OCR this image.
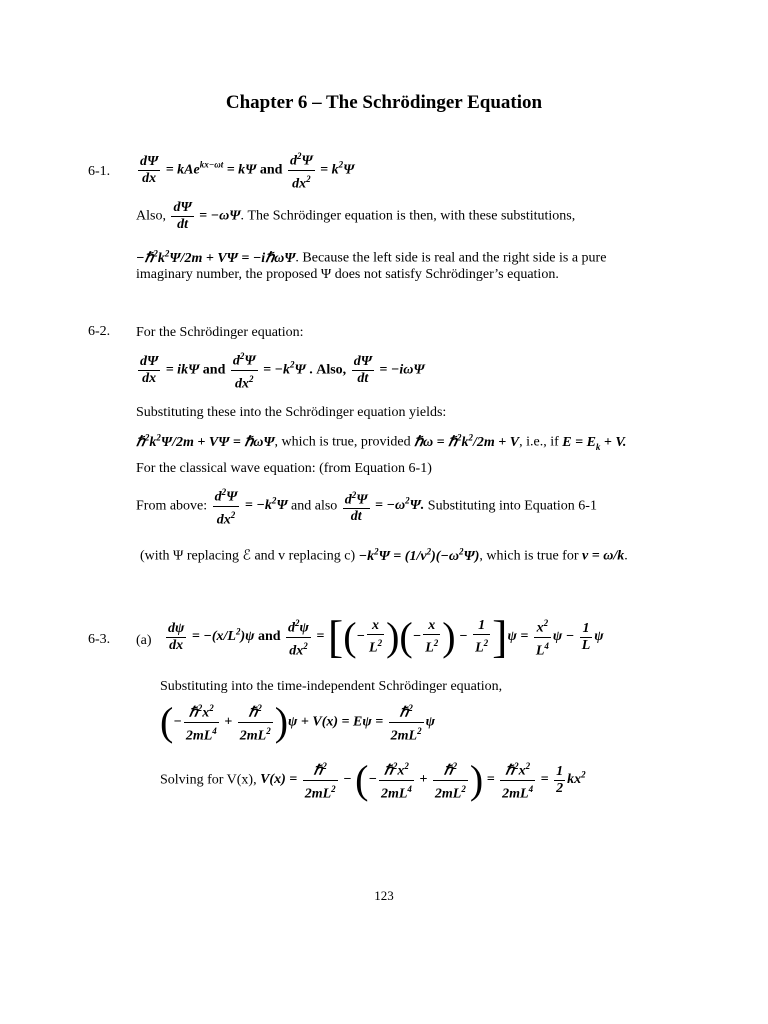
Chapter 6 – The Schrödinger Equation
6-1. $\frac{d\Psi}{dx} = kAe^{kx-\omega t} = k\Psi$ and $\frac{d^2\Psi}{dx^2} = k^2\Psi$
Also, $\frac{d\Psi}{dt} = -\omega\Psi$. The Schrödinger equation is then, with these substitutions,
$-\hbar^2k^2\Psi/2m + V\Psi$ = −iℏωΨ. Because the left side is real and the right side is a pure
imaginary number, the proposed Ψ does not satisfy Schrödinger’s equation.
6-2. For the Schrödinger equation:
$\frac{d\Psi}{dx} = ik\Psi$ and $\frac{d^2\Psi}{dx^2} = -k^2\Psi$ . Also, $\frac{d\Psi}{dt} = -i\omega\Psi$
Substituting these into the Schrödinger equation yields:
$\hbar^2k^2\Psi/2m + V\Psi$ = ℏωΨ, which is true, provided ℏω = $\hbar^2k^2/2m + V$, i.e., if $E = E_k + V$.
For the classical wave equation: (from Equation 6-1)
From above: $\frac{d^2\Psi}{dx^2} = -k^2\Psi$ and also $\frac{d^2\Psi}{dt} = -\omega^2\Psi$. Substituting into Equation 6-1
(with Ψ replacing ℰ and v replacing $c) -k^2\Psi = (1/v^2)(-\omega^2\Psi)$, which is true for v = ω/k.
6-3. $(a) \frac{d\psi}{dx} = -(x/L^2)\psi$ and $\frac{d^2\psi}{dx^2}$ = [(− $\frac{x}{L^2}$ )(− $\frac{x}{L^2}$ ) − $\frac{1}{L^2} ]\psi = \frac{x^2}{L^4}$ $\psi - \frac{1}{L}$ ψ
Substituting into the time-independent Schrödinger equation,
(− $\frac{\hbar^2x^2}{2mL^4} + \frac{\hbar^2}{2mL^2} )\psi + V(x) = E\psi = \frac{\hbar^2}{2mL^2}$ ψ
Solving for V(x), $V(x) = \frac{\hbar^2}{2mL^2}$ − (− $\frac{\hbar^2x^2}{2mL^4} + \frac{\hbar^2}{2mL^2}$ ) = $\frac{\hbar^2x^2}{2mL^4} = \frac{1}{2} kx^2$
123
